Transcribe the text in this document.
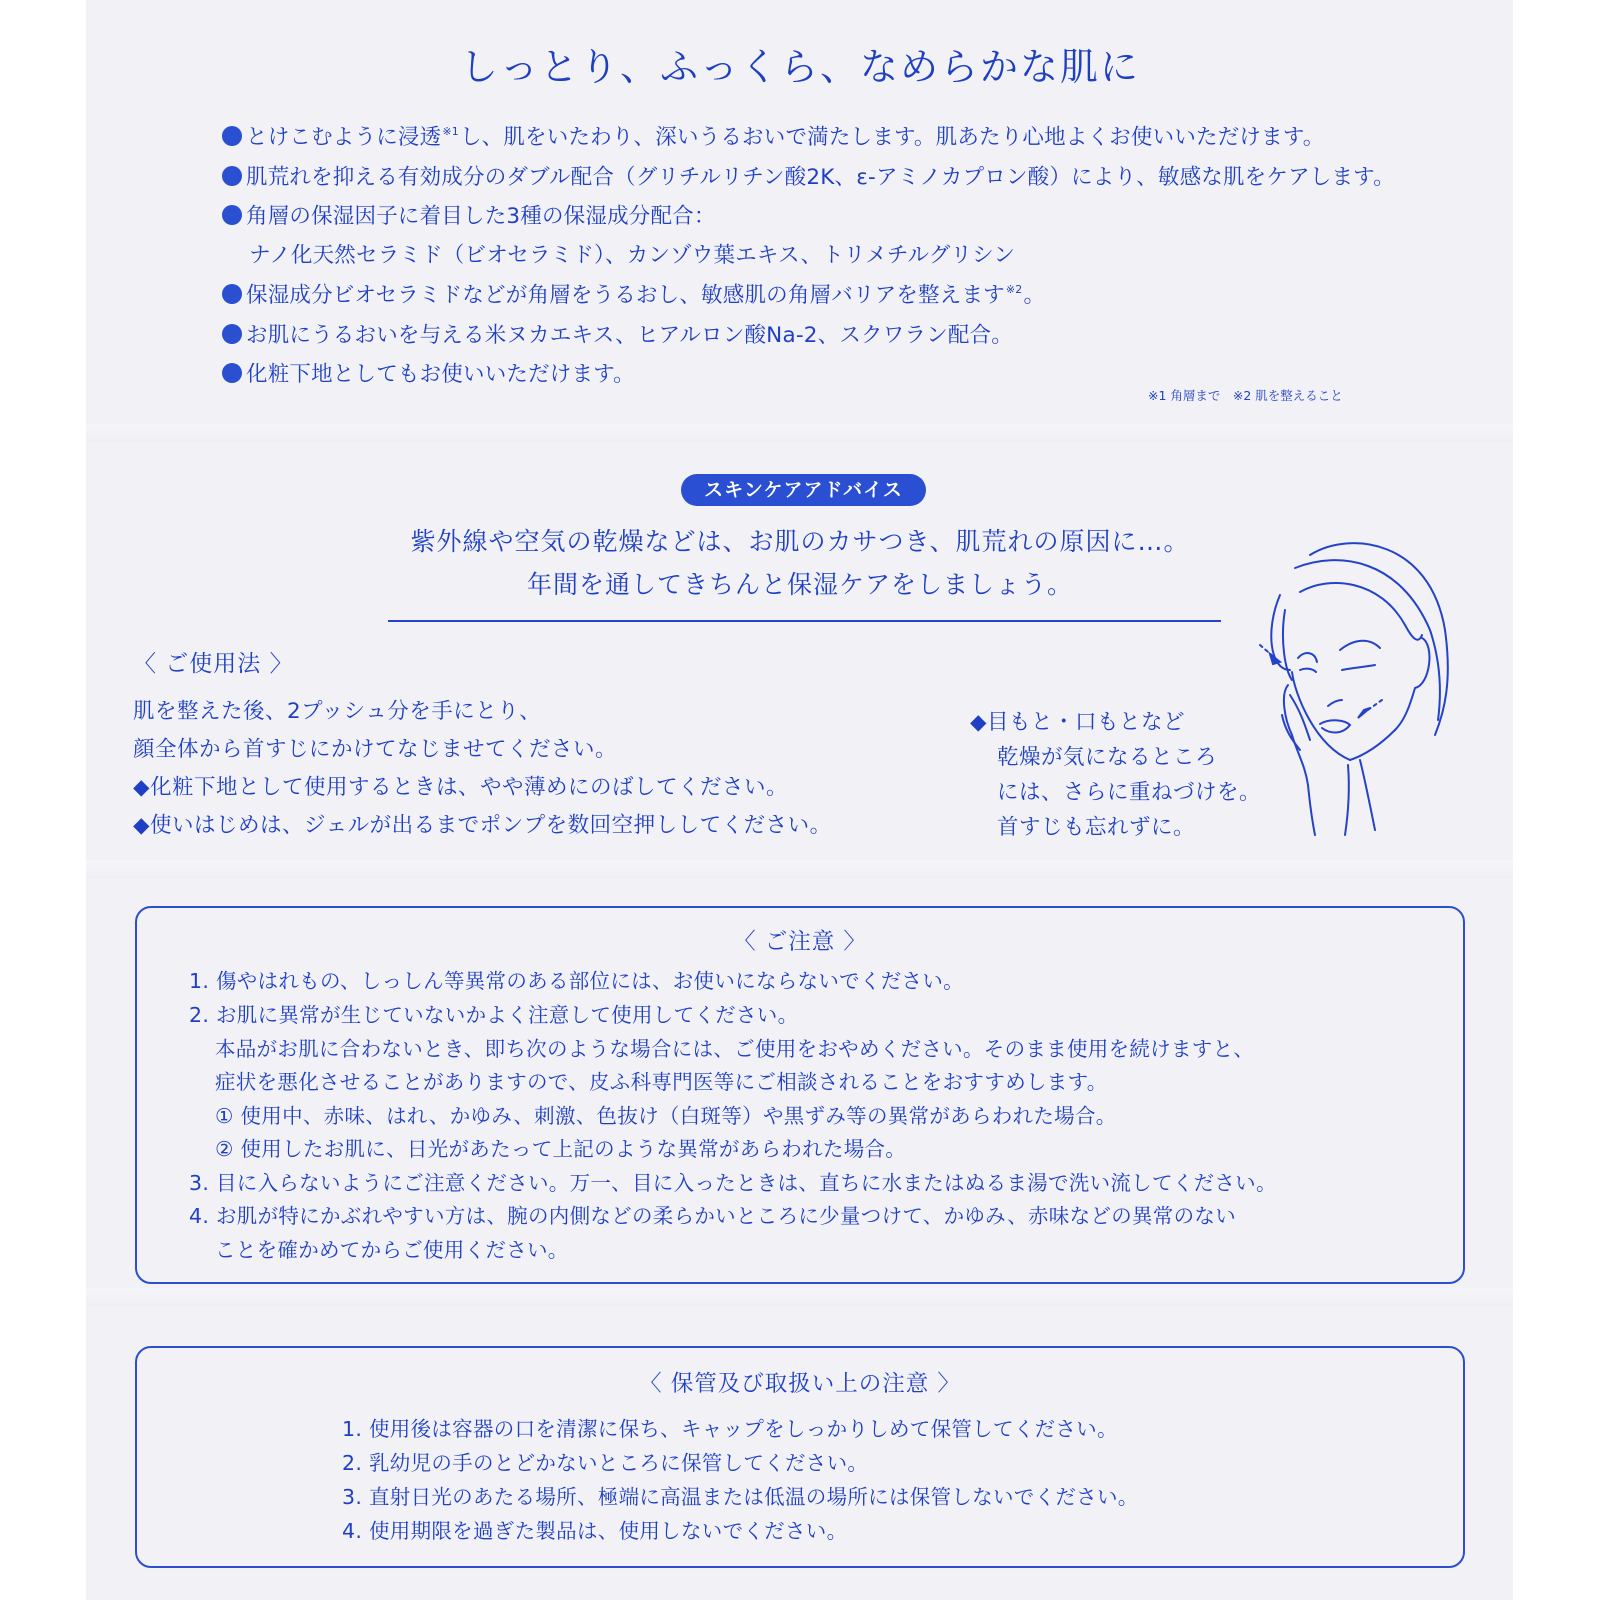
しっとり、ふっくら、なめらかな肌に
とけこむように浸透$^{※1}$し、肌をいたわり、深いうるおいで満たします。肌あたり心地よくお使いいただけます。
肌荒れを抑える有効成分のダブル配合（グリチルリチン酸2K、ε-アミノカプロン酸）により、敏感な肌をケアします。
角層の保湿因子に着目した3種の保湿成分配合：
ナノ化天然セラミド（ビオセラミド）、カンゾウ葉エキス、トリメチルグリシン
保湿成分ビオセラミドなどが角層をうるおし、敏感肌の角層バリアを整えます$^{※2}$。
お肌にうるおいを与える米ヌカエキス、ヒアルロン酸Na-2、スクワラン配合。
化粧下地としてもお使いいただけます。
※1 角層まで　※2 肌を整えること
スキンケアアドバイス
紫外線や空気の乾燥などは、お肌のカサつき、肌荒れの原因に…。
年間を通してきちんと保湿ケアをしましょう。
〈 ご使用法 〉
肌を整えた後、2プッシュ分を手にとり、
顔全体から首すじにかけてなじませてください。
◆化粧下地として使用するときは、やや薄めにのばしてください。
◆使いはじめは、ジェルが出るまでポンプを数回空押ししてください。
◆目もと・口もとなど
乾燥が気になるところ
には、さらに重ねづけを。
首すじも忘れずに。
〈 ご注意 〉
1. 傷やはれもの、しっしん等異常のある部位には、お使いにならないでください。
2. お肌に異常が生じていないかよく注意して使用してください。
本品がお肌に合わないとき、即ち次のような場合には、ご使用をおやめください。そのまま使用を続けますと、
症状を悪化させることがありますので、皮ふ科専門医等にご相談されることをおすすめします。
① 使用中、赤味、はれ、かゆみ、刺激、色抜け（白斑等）や黒ずみ等の異常があらわれた場合。
② 使用したお肌に、日光があたって上記のような異常があらわれた場合。
3. 目に入らないようにご注意ください。万一、目に入ったときは、直ちに水またはぬるま湯で洗い流してください。
4. お肌が特にかぶれやすい方は、腕の内側などの柔らかいところに少量つけて、かゆみ、赤味などの異常のない
ことを確かめてからご使用ください。
〈 保管及び取扱い上の注意 〉
1. 使用後は容器の口を清潔に保ち、キャップをしっかりしめて保管してください。
2. 乳幼児の手のとどかないところに保管してください。
3. 直射日光のあたる場所、極端に高温または低温の場所には保管しないでください。
4. 使用期限を過ぎた製品は、使用しないでください。
